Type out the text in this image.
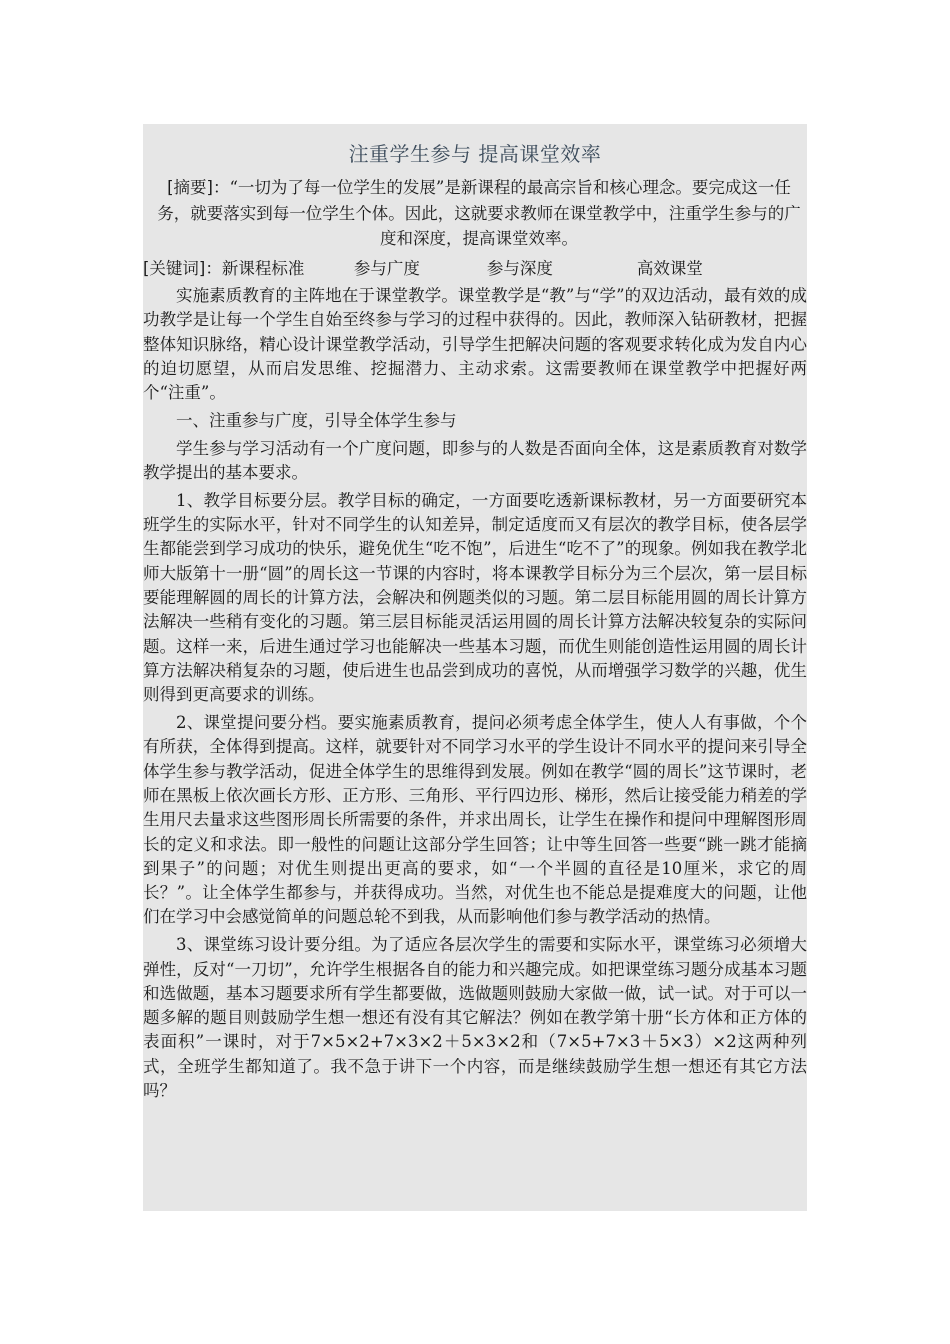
注重学生参与 提高课堂效率
[摘要]：“一切为了每一位学生的发展”是新课程的最高宗旨和核心理念。要完成这一任务，就要落实到每一位学生个体。因此，这就要求教师在课堂教学中，注重学生参与的广度和深度，提高课堂效率。
[关键词]：新课程标准	参与广度	参与深度	高效课堂

实施素质教育的主阵地在于课堂教学。课堂教学是“教”与“学”的双边活动，最有效的成功教学是让每一个学生自始至终参与学习的过程中获得的。因此，教师深入钻研教材，把握整体知识脉络，精心设计课堂教学活动，引导学生把解决问题的客观要求转化成为发自内心的迫切愿望，从而启发思维、挖掘潜力、主动求索。这需要教师在课堂教学中把握好两个“注重”。

一、注重参与广度，引导全体学生参与

学生参与学习活动有一个广度问题，即参与的人数是否面向全体，这是素质教育对数学教学提出的基本要求。

1、教学目标要分层。教学目标的确定，一方面要吃透新课标教材，另一方面要研究本班学生的实际水平，针对不同学生的认知差异，制定适度而又有层次的教学目标，使各层学生都能尝到学习成功的快乐，避免优生“吃不饱”，后进生“吃不了”的现象。例如我在教学北师大版第十一册“圆”的周长这一节课的内容时，将本课教学目标分为三个层次，第一层目标要能理解圆的周长的计算方法，会解决和例题类似的习题。第二层目标能用圆的周长计算方法解决一些稍有变化的习题。第三层目标能灵活运用圆的周长计算方法解决较复杂的实际问题。这样一来，后进生通过学习也能解决一些基本习题，而优生则能创造性运用圆的周长计算方法解决稍复杂的习题，使后进生也品尝到成功的喜悦，从而增强学习数学的兴趣，优生则得到更高要求的训练。

2、课堂提问要分档。要实施素质教育，提问必须考虑全体学生，使人人有事做，个个有所获，全体得到提高。这样，就要针对不同学习水平的学生设计不同水平的提问来引导全体学生参与教学活动，促进全体学生的思维得到发展。例如在教学“圆的周长”这节课时，老师在黑板上依次画长方形、正方形、三角形、平行四边形、梯形，然后让接受能力稍差的学生用尺去量求这些图形周长所需要的条件，并求出周长，让学生在操作和提问中理解图形周长的定义和求法。即一般性的问题让这部分学生回答；让中等生回答一些要“跳一跳才能摘到果子”的问题；对优生则提出更高的要求，如“一个半圆的直径是10厘米，求它的周长？”。让全体学生都参与，并获得成功。当然，对优生也不能总是提难度大的问题，让他们在学习中会感觉简单的问题总轮不到我，从而影响他们参与教学活动的热情。

3、课堂练习设计要分组。为了适应各层次学生的需要和实际水平，课堂练习必须增大弹性，反对“一刀切”，允许学生根据各自的能力和兴趣完成。如把课堂练习题分成基本习题和选做题，基本习题要求所有学生都要做，选做题则鼓励大家做一做，试一试。对于可以一题多解的题目则鼓励学生想一想还有没有其它解法？例如在教学第十册“长方体和正方体的表面积”一课时，对于7×5×2+7×3×2＋5×3×2和（7×5+7×3＋5×3）×2这两种列式，全班学生都知道了。我不急于讲下一个内容，而是继续鼓励学生想一想还有其它方法吗？
